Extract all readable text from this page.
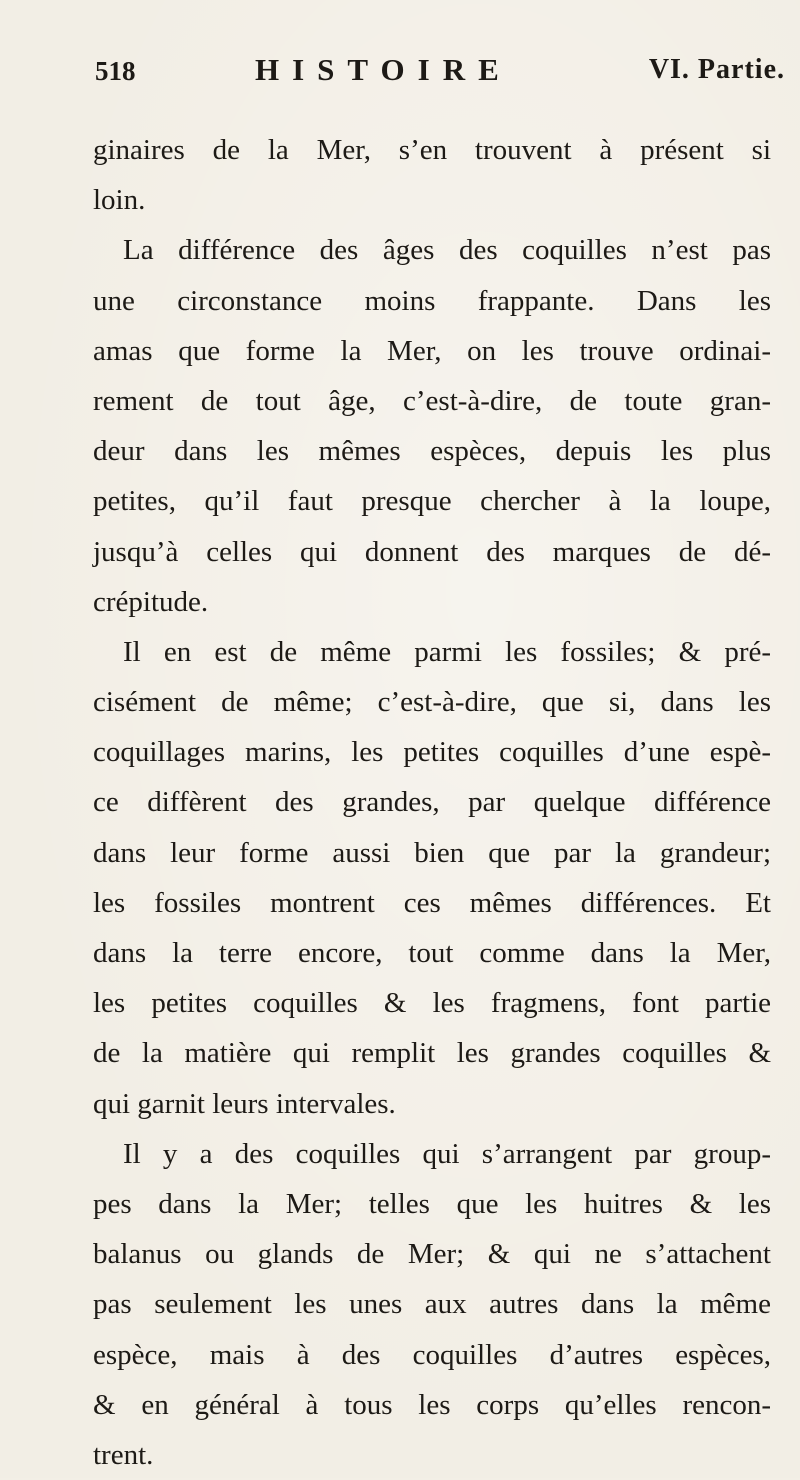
518	HISTOIRE	VI. Partie.
ginaires de la Mer, s’en trouvent à présent si
loin.
La différence des âges des coquilles n’est pas
une circonstance moins frappante. Dans les
amas que forme la Mer, on les trouve ordinai-
rement de tout âge, c’est-à-dire, de toute gran-
deur dans les mêmes espèces, depuis les plus
petites, qu’il faut presque chercher à la loupe,
jusqu’à celles qui donnent des marques de dé-
crépitude.
Il en est de même parmi les fossiles; & pré-
cisément de même; c’est-à-dire, que si, dans les
coquillages marins, les petites coquilles d’une espè-
ce diffèrent des grandes, par quelque différence
dans leur forme aussi bien que par la grandeur;
les fossiles montrent ces mêmes différences. Et
dans la terre encore, tout comme dans la Mer,
les petites coquilles & les fragmens, font partie
de la matière qui remplit les grandes coquilles &
qui garnit leurs intervales.
Il y a des coquilles qui s’arrangent par group-
pes dans la Mer; telles que les huitres & les
balanus ou glands de Mer; & qui ne s’attachent
pas seulement les unes aux autres dans la même
espèce, mais à des coquilles d’autres espèces,
& en général à tous les corps qu’elles rencon-
trent.
